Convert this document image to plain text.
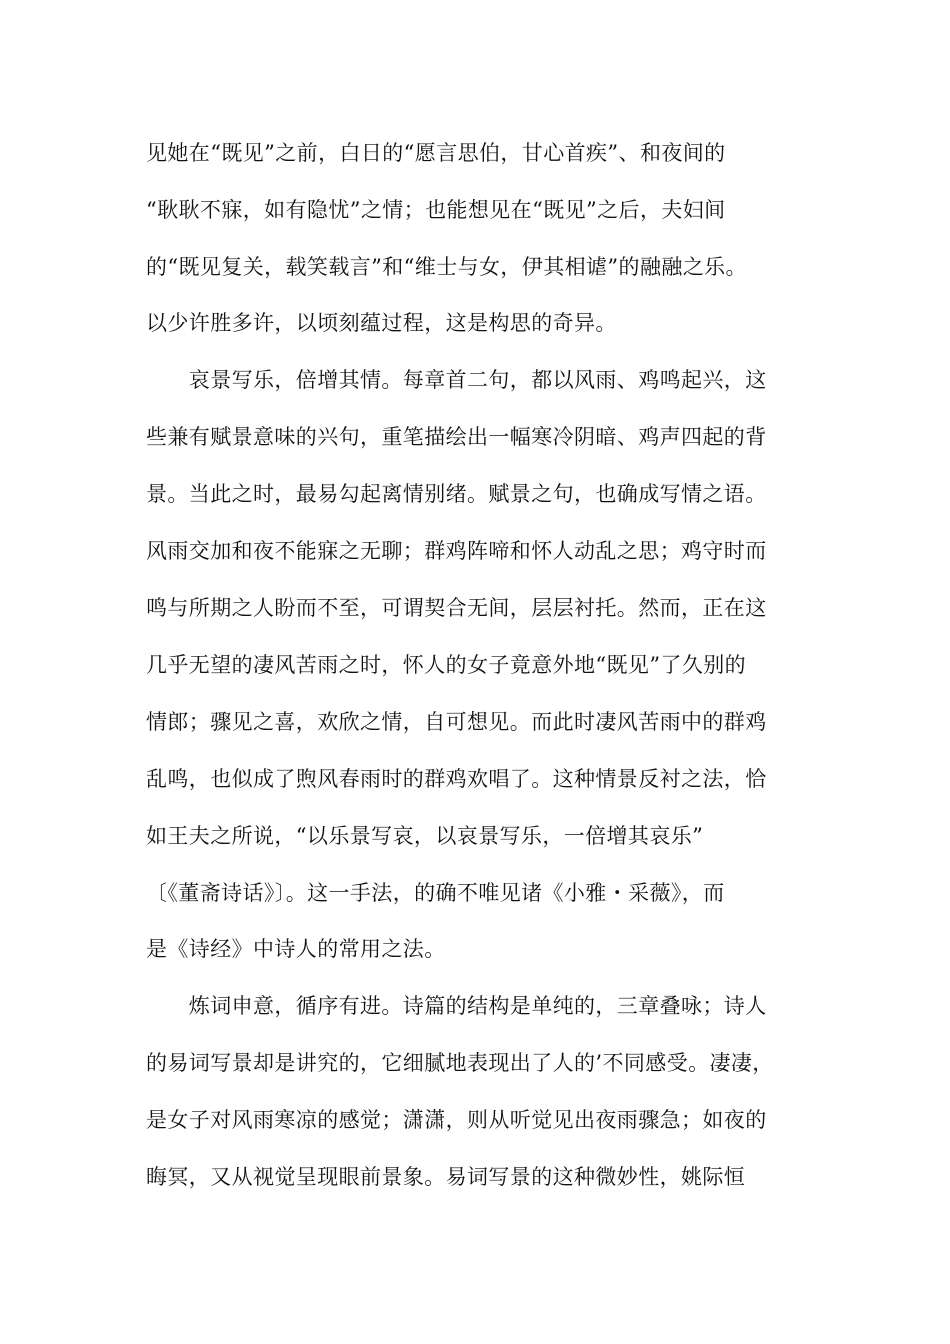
见她在“既见”之前，白日的“愿言思伯，甘心首疾”、和夜间的
“耿耿不寐，如有隐忧”之情；也能想见在“既见”之后，夫妇间
的“既见复关，载笑载言”和“维士与女，伊其相谑”的融融之乐。
以少许胜多许，以顷刻蕴过程，这是构思的奇异。
　　哀景写乐，倍增其情。每章首二句，都以风雨、鸡鸣起兴，这
些兼有赋景意味的兴句，重笔描绘出一幅寒冷阴暗、鸡声四起的背
景。当此之时，最易勾起离情别绪。赋景之句，也确成写情之语。
风雨交加和夜不能寐之无聊；群鸡阵啼和怀人动乱之思；鸡守时而
鸣与所期之人盼而不至，可谓契合无间，层层衬托。然而，正在这
几乎无望的凄风苦雨之时，怀人的女子竟意外地“既见”了久别的
情郎；骤见之喜，欢欣之情，自可想见。而此时凄风苦雨中的群鸡
乱鸣，也似成了煦风春雨时的群鸡欢唱了。这种情景反衬之法，恰
如王夫之所说，“以乐景写哀，以哀景写乐，一倍增其哀乐”
〔《董斋诗话》〕。这一手法，的确不唯见诸《小雅・采薇》，而
是《诗经》中诗人的常用之法。
　　炼词申意，循序有进。诗篇的结构是单纯的，三章叠咏；诗人
的易词写景却是讲究的，它细腻地表现出了人的’不同感受。凄凄，
是女子对风雨寒凉的感觉；潇潇，则从听觉见出夜雨骤急；如夜的
晦冥，又从视觉呈现眼前景象。易词写景的这种微妙性，姚际恒
